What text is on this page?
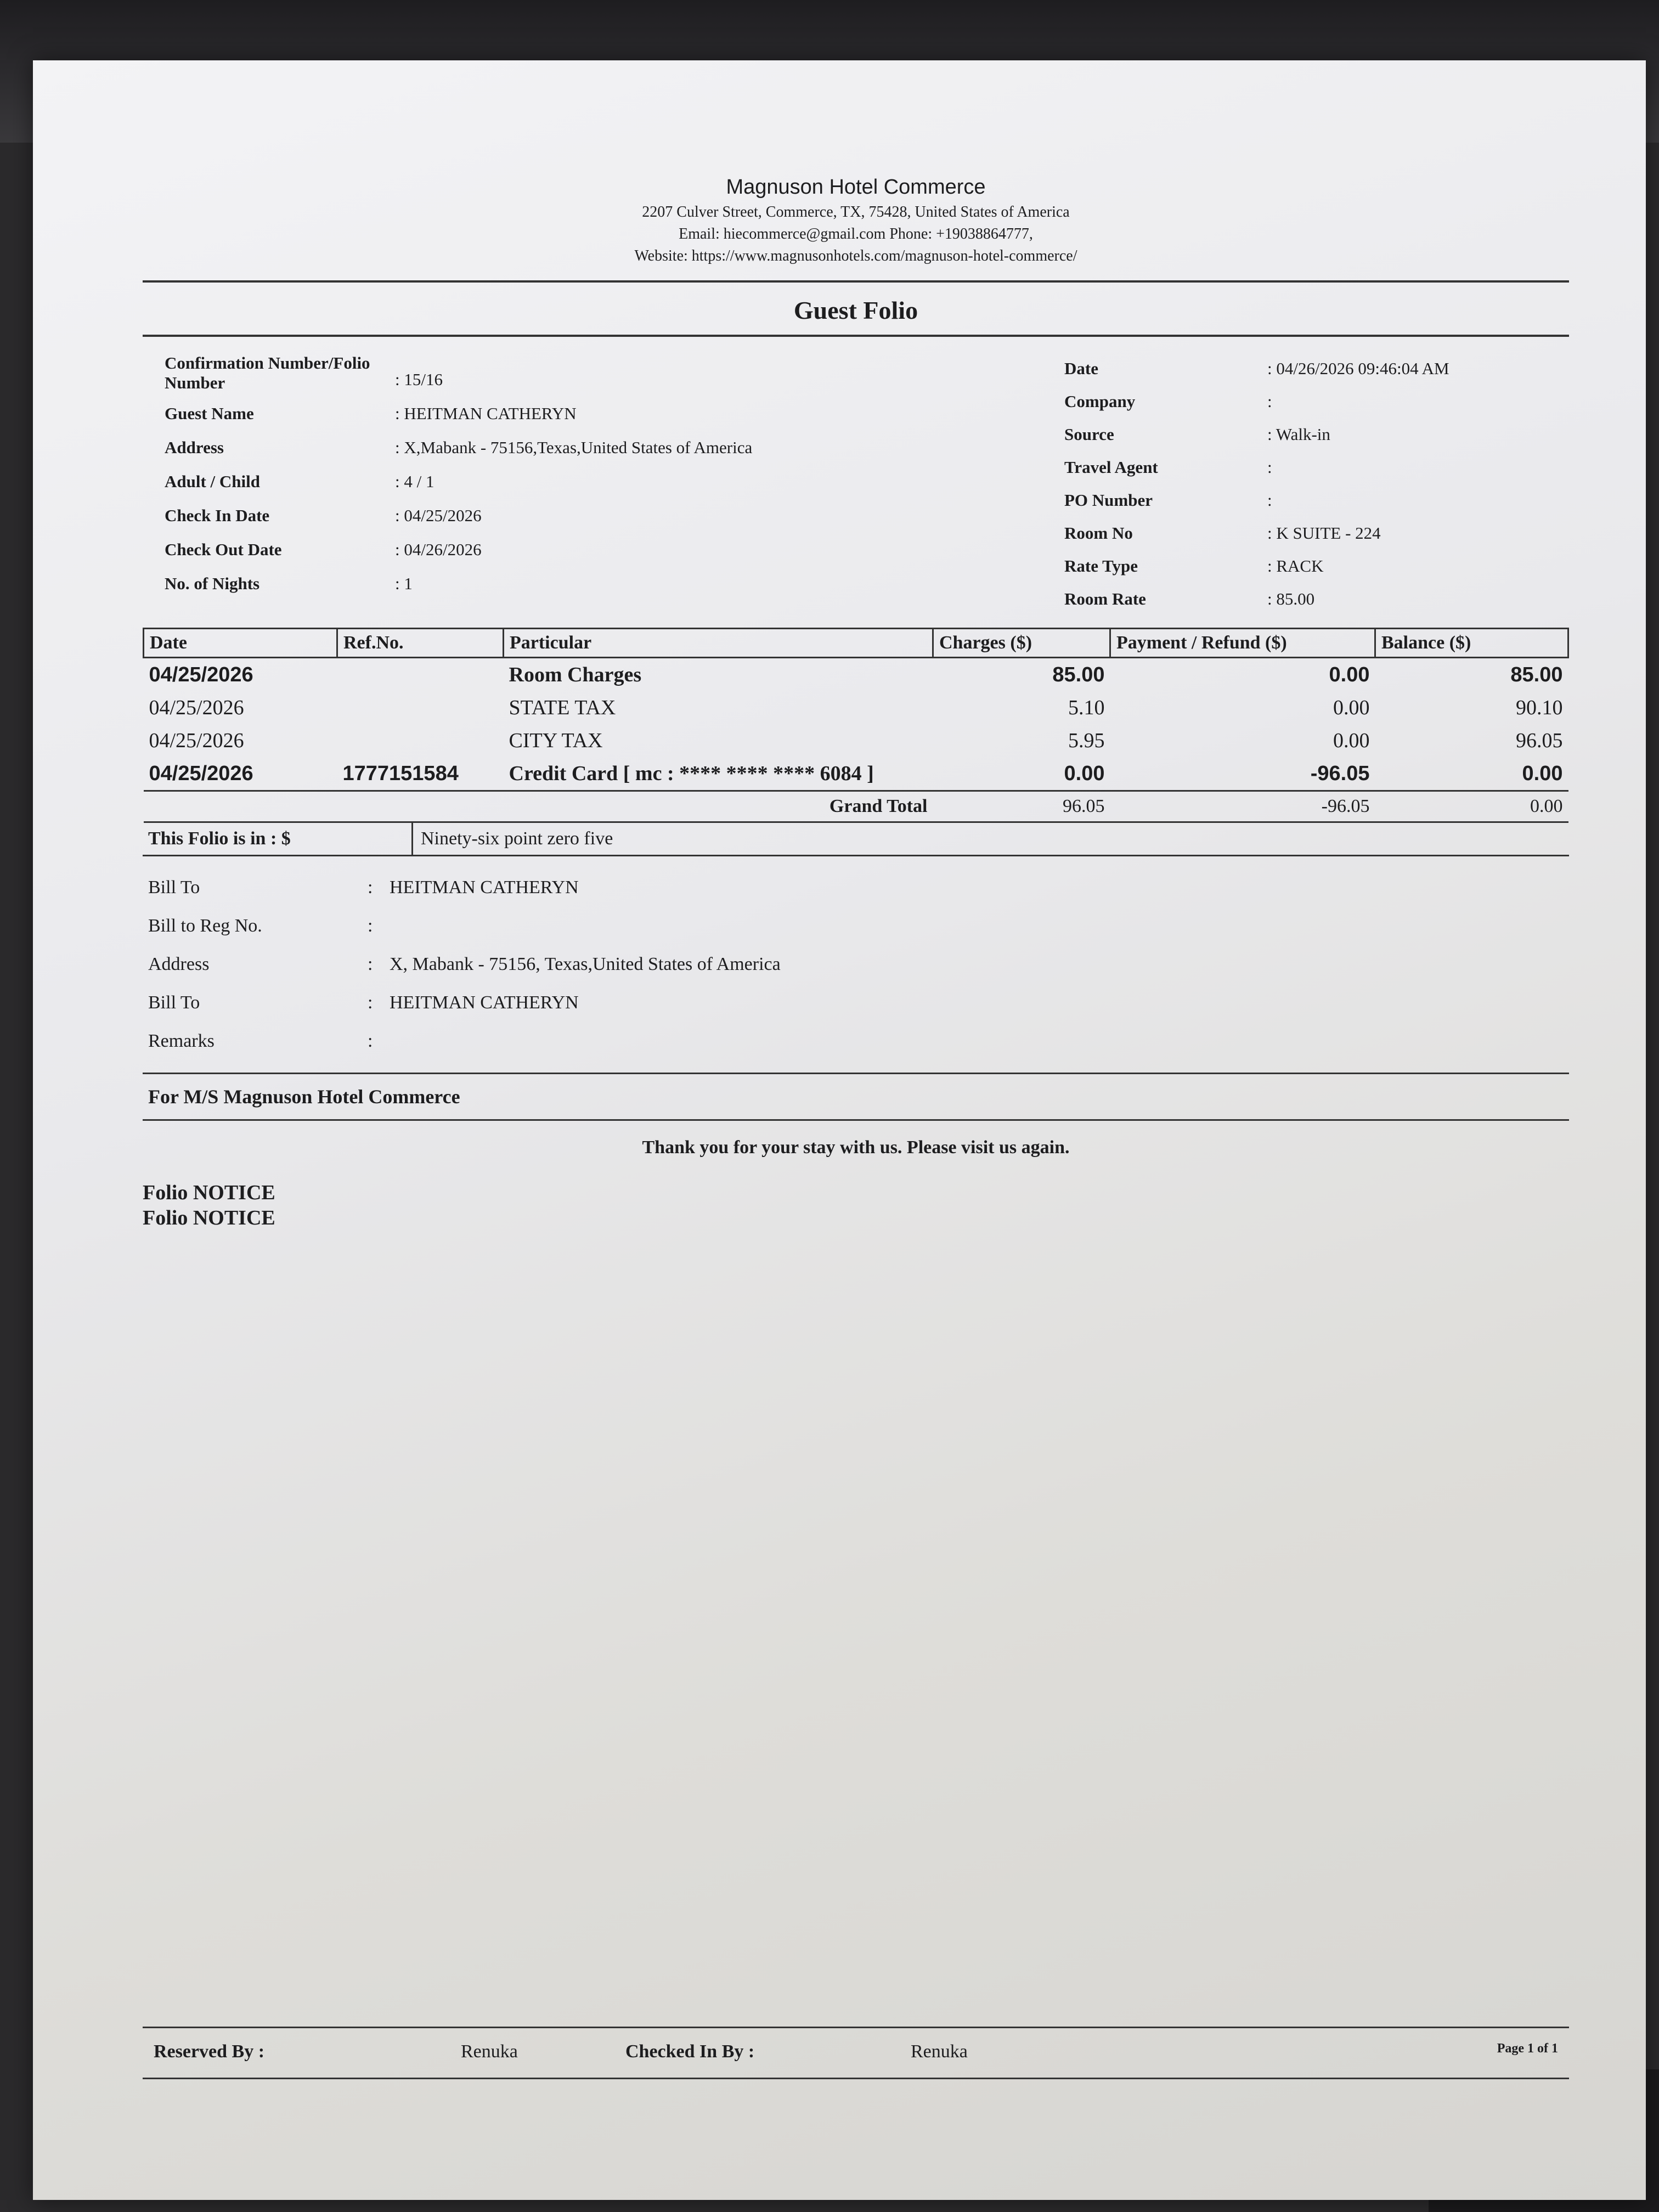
Magnuson Hotel Commerce
2207 Culver Street, Commerce, TX, 75428, United States of America
Email: hiecommerce@gmail.com Phone: +19038864777,
Website: https://www.magnusonhotels.com/magnuson-hotel-commerce/
Guest Folio
Confirmation Number/Folio Number	: 15/16
Guest Name	: HEITMAN CATHERYN
Address	: X,Mabank - 75156,Texas,United States of America
Adult / Child	: 4 / 1
Check In Date	: 04/25/2026
Check Out Date	: 04/26/2026
No. of Nights	: 1
Date	: 04/26/2026 09:46:04 AM
Company	:
Source	: Walk-in
Travel Agent	:
PO Number	:
Room No	: K SUITE - 224
Rate Type	: RACK
Room Rate	: 85.00
Date	Ref.No.	Particular	Charges ($)	Payment / Refund ($)	Balance ($)
04/25/2026		Room Charges	85.00	0.00	85.00
04/25/2026		STATE TAX	5.10	0.00	90.10
04/25/2026		CITY TAX	5.95	0.00	96.05
04/25/2026	1777151584	Credit Card [ mc : **** **** **** 6084 ]	0.00	-96.05	0.00
		Grand Total	96.05	-96.05	0.00
This Folio is in : $	Ninety-six point zero five
Bill To	: HEITMAN CATHERYN
Bill to Reg No.	:
Address	: X, Mabank - 75156, Texas,United States of America
Bill To	: HEITMAN CATHERYN
Remarks	:
For M/S Magnuson Hotel Commerce
Thank you for your stay with us. Please visit us again.
Folio NOTICE
Folio NOTICE
Reserved By :	Renuka	Checked In By :	Renuka	Page 1 of 1
